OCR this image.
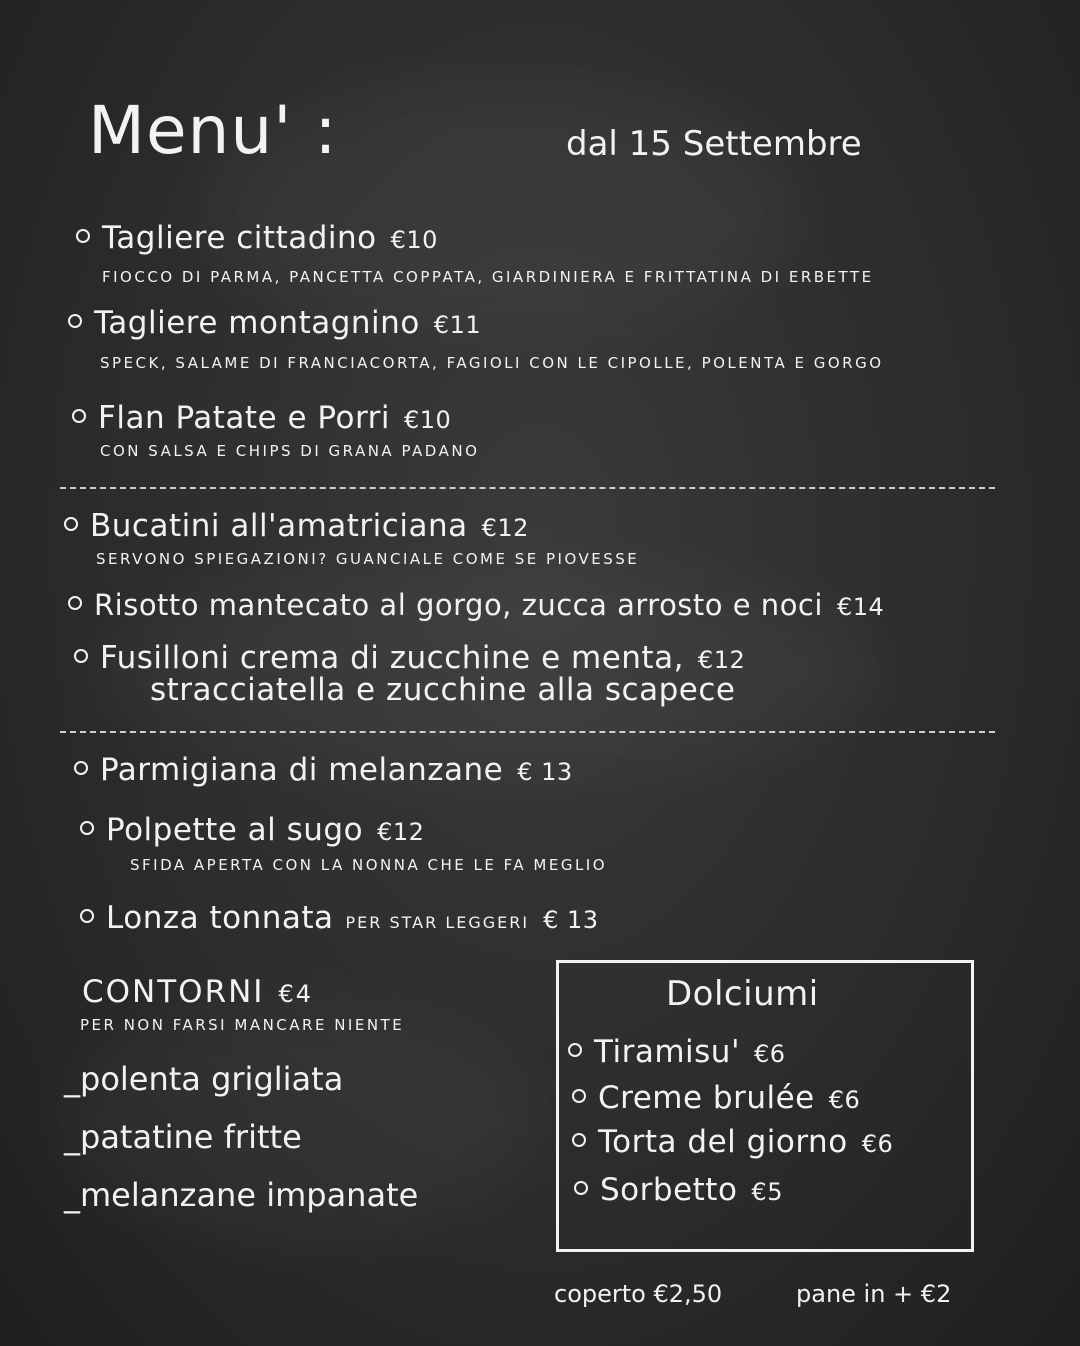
Menu' :	dal 15 Settembre
Tagliere cittadino €10
FIOCCO DI PARMA, PANCETTA COPPATA, GIARDINIERA E FRITTATINA DI ERBETTE
Tagliere montagnino €11
SPECK, SALAME DI FRANCIACORTA, FAGIOLI CON LE CIPOLLE, POLENTA E GORGO
Flan Patate e Porri €10
CON SALSA E CHIPS DI GRANA PADANO
Bucatini all'amatriciana €12
SERVONO SPIEGAZIONI? GUANCIALE COME SE PIOVESSE
Risotto mantecato al gorgo, zucca arrosto e noci €14
Fusilloni crema di zucchine e menta, €12
stracciatella e zucchine alla scapece
Parmigiana di melanzane € 13
Polpette al sugo €12
SFIDA APERTA CON LA NONNA CHE LE FA MEGLIO
Lonza tonnata PER STAR LEGGERI € 13
CONTORNI €4
PER NON FARSI MANCARE NIENTE
_polenta grigliata
_patatine fritte
_melanzane impanate
Dolciumi
Tiramisu' €6
Creme brulée €6
Torta del giorno €6
Sorbetto €5
coperto €2,50	pane in + €2
